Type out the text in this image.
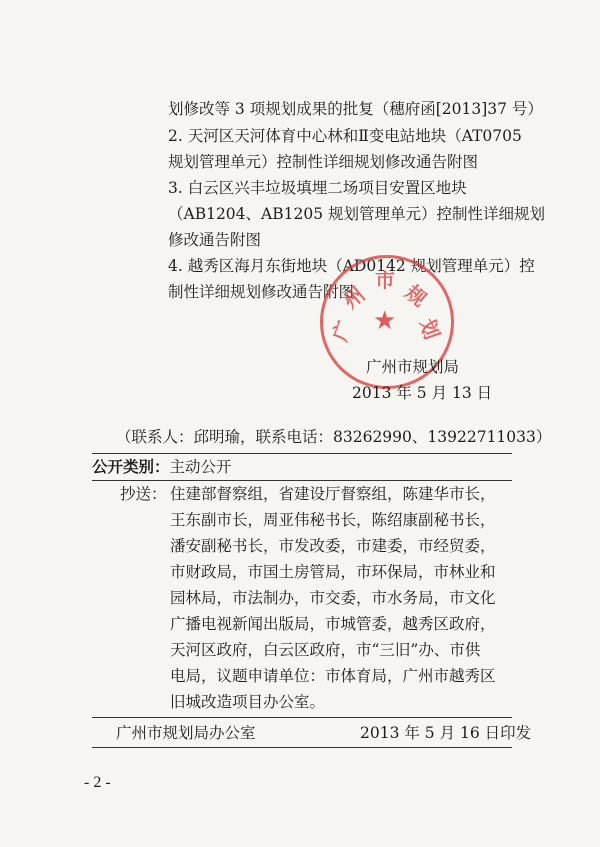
划修改等 3 项规划成果的批复（穗府函[2013]37 号）
2. 天河区天河体育中心林和Ⅱ变电站地块（AT0705
规划管理单元）控制性详细规划修改通告附图
3. 白云区兴丰垃圾填埋二场项目安置区地块
（AB1204、AB1205 规划管理单元）控制性详细规划
修改通告附图
4. 越秀区海月东街地块（AD0142 规划管理单元）控
制性详细规划修改通告附图
广
州
市
规
划
★
广州市规划局
2013 年 5 月 13 日
（联系人：邱明瑜，联系电话：83262990、13922711033）
公开类别：主动公开
抄送： 住建部督察组，省建设厅督察组，陈建华市长，
王东副市长，周亚伟秘书长，陈绍康副秘书长，
潘安副秘书长，市发改委，市建委，市经贸委，
市财政局，市国土房管局，市环保局，市林业和
园林局，市法制办，市交委，市水务局，市文化
广播电视新闻出版局，市城管委，越秀区政府，
天河区政府，白云区政府，市“三旧”办、市供
电局，议题申请单位：市体育局，广州市越秀区
旧城改造项目办公室。
广州市规划局办公室	2013 年 5 月 16 日印发
- 2 -
